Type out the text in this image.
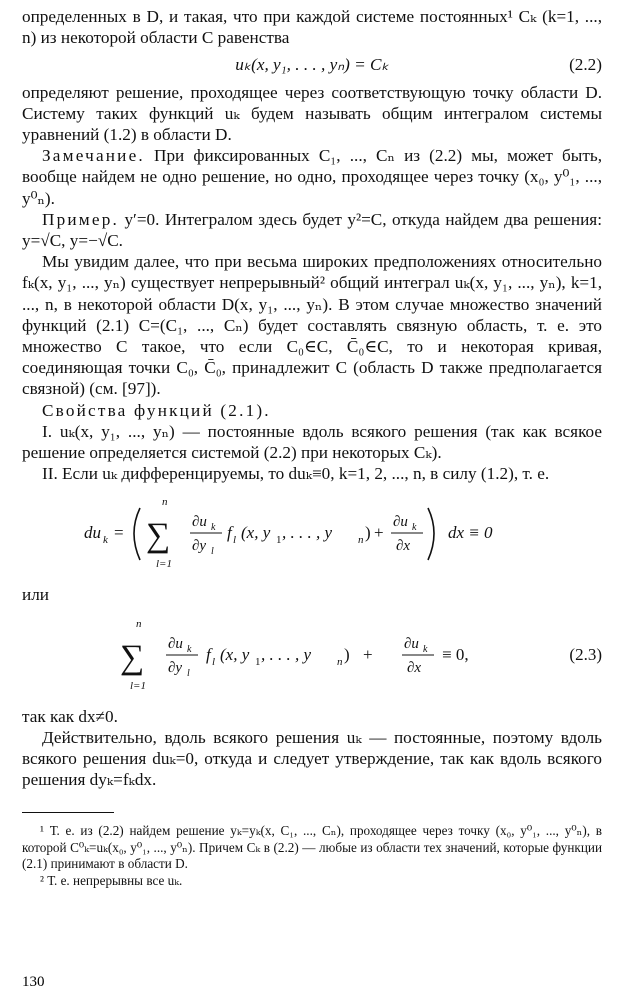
определенных в D, и такая, что при каждой системе постоянных¹ Cₖ (k=1, ..., n) из некоторой области C равенства

uₖ(x, y₁, . . . , yₙ) = Cₖ	(2.2)

определяют решение, проходящее через соответствующую точку области D. Систему таких функций uₖ будем называть общим интегралом системы уравнений (1.2) в области D.

Замечание. При фиксированных C₁, ..., Cₙ из (2.2) мы, может быть, вообще найдем не одно решение, но одно, проходящее через точку (x₀, y⁰₁, ..., y⁰ₙ).

Пример. y′=0. Интегралом здесь будет y²=C, откуда найдем два решения: y=√C, y=−√C.

Мы увидим далее, что при весьма широких предположениях относительно fₖ(x, y₁, ..., yₙ) существует непрерывный² общий интеграл uₖ(x, y₁, ..., yₙ), k=1, ..., n, в некоторой области D(x, y₁, ..., yₙ). В этом случае множество значений функций (2.1) C=(C₁, ..., Cₙ) будет составлять связную область, т. е. это множество C такое, что если C₀∈C, C̄₀∈C, то и некоторая кривая, соединяющая точки C₀, C̄₀, принадлежит C (область D также предполагается связной) (см. [97]).

Свойства функций (2.1).

I. uₖ(x, y₁, ..., yₙ) — постоянные вдоль всякого решения (так как всякое решение определяется системой (2.2) при некоторых Cₖ).

II. Если uₖ дифференцируемы, то duₖ≡0, k=1, 2, ..., n, в силу (1.2), т. е.

du k =
n
∑
l=1
∂u k
∂y l
f l (x, y 1 , . . . , y n ) +
∂u k
∂x
dx ≡ 0

или

n
∑
l=1
∂u k
∂y l
f l (x, y 1 , . . . , y n ) +
∂u k
∂x
≡ 0,	(2.3)

так как dx≠0.

Действительно, вдоль всякого решения uₖ — постоянные, поэтому вдоль всякого решения duₖ=0, откуда и следует утверждение, так как вдоль всякого решения dyₖ=fₖdx.

¹ Т. е. из (2.2) найдем решение yₖ=yₖ(x, C₁, ..., Cₙ), проходящее через точку (x₀, y⁰₁, ..., y⁰ₙ), в которой C⁰ₖ=uₖ(x₀, y⁰₁, ..., y⁰ₙ). Причем Cₖ в (2.2) — любые из области тех значений, которые функции (2.1) принимают в области D.

² Т. е. непрерывны все uₖ.

130
